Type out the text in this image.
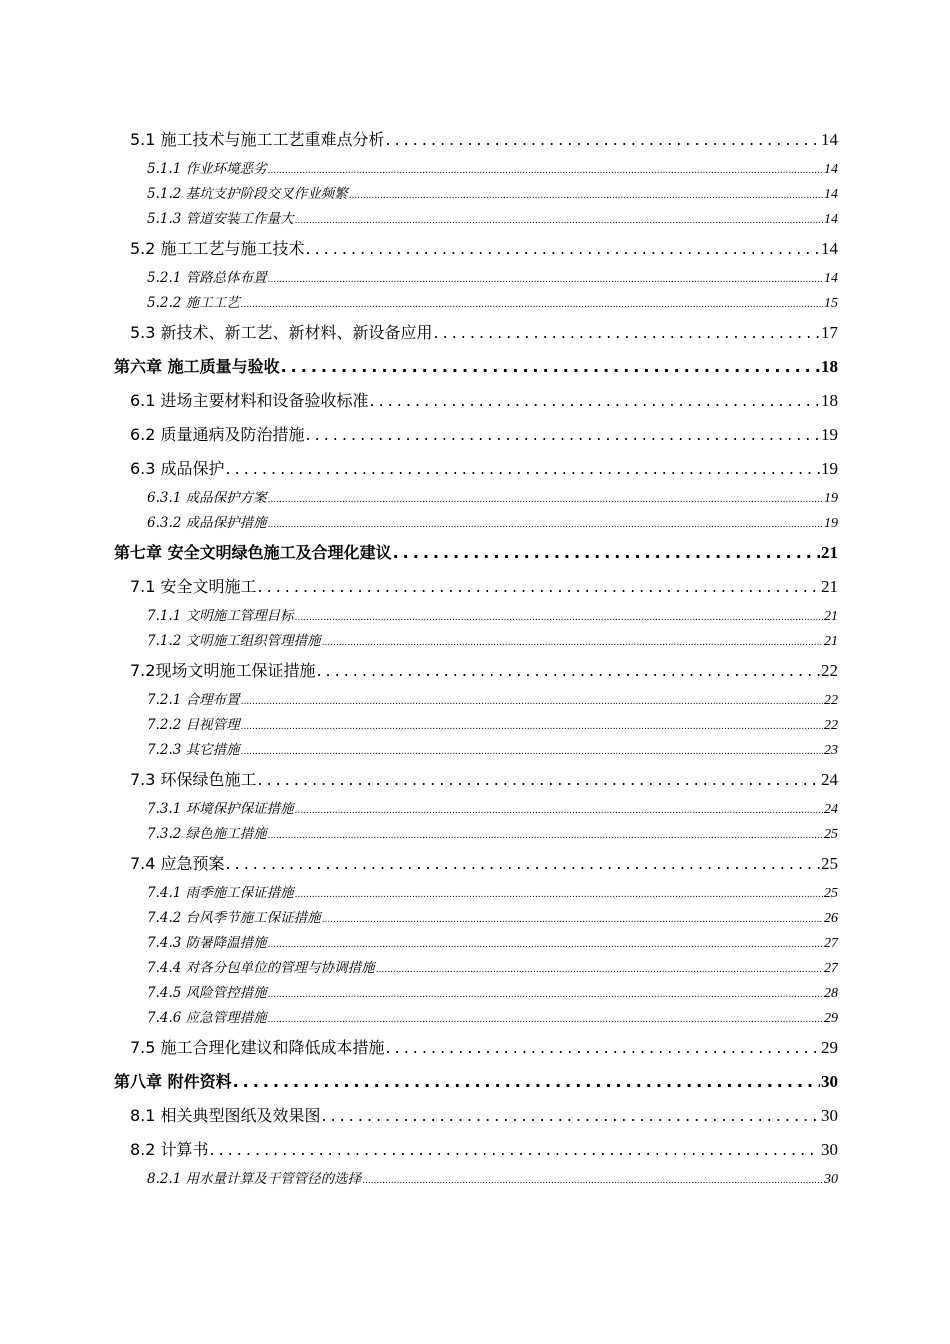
5.1 施工技术与施工工艺重难点分析 .....	14
5.1.1 作业环境恶劣 .....	14
5.1.2 基坑支护阶段交叉作业频繁 .....	14
5.1.3 管道安装工作量大 .....	14
5.2 施工工艺与施工技术 .....	14
5.2.1 管路总体布置 .....	14
5.2.2 施工工艺 .....	15
5.3 新技术、新工艺、新材料、新设备应用 .....	17
第六章 施工质量与验收 .....	18
6.1 进场主要材料和设备验收标准 .....	18
6.2 质量通病及防治措施 .....	19
6.3 成品保护 .....	19
6.3.1 成品保护方案 .....	19
6.3.2 成品保护措施 .....	19
第七章 安全文明绿色施工及合理化建议 .....	21
7.1 安全文明施工 .....	21
7.1.1 文明施工管理目标 .....	21
7.1.2 文明施工组织管理措施 .....	21
7.2现场文明施工保证措施 .....	22
7.2.1 合理布置 .....	22
7.2.2 目视管理 .....	22
7.2.3 其它措施 .....	23
7.3 环保绿色施工 .....	24
7.3.1 环境保护保证措施 .....	24
7.3.2 绿色施工措施 .....	25
7.4 应急预案 .....	25
7.4.1 雨季施工保证措施 .....	25
7.4.2 台风季节施工保证措施 .....	26
7.4.3 防暑降温措施 .....	27
7.4.4 对各分包单位的管理与协调措施 .....	27
7.4.5 风险管控措施 .....	28
7.4.6 应急管理措施 .....	29
7.5 施工合理化建议和降低成本措施 .....	29
第八章 附件资料 .....	30
8.1 相关典型图纸及效果图 .....	30
8.2 计算书 .....	30
8.2.1 用水量计算及干管管径的选择 .....	30
